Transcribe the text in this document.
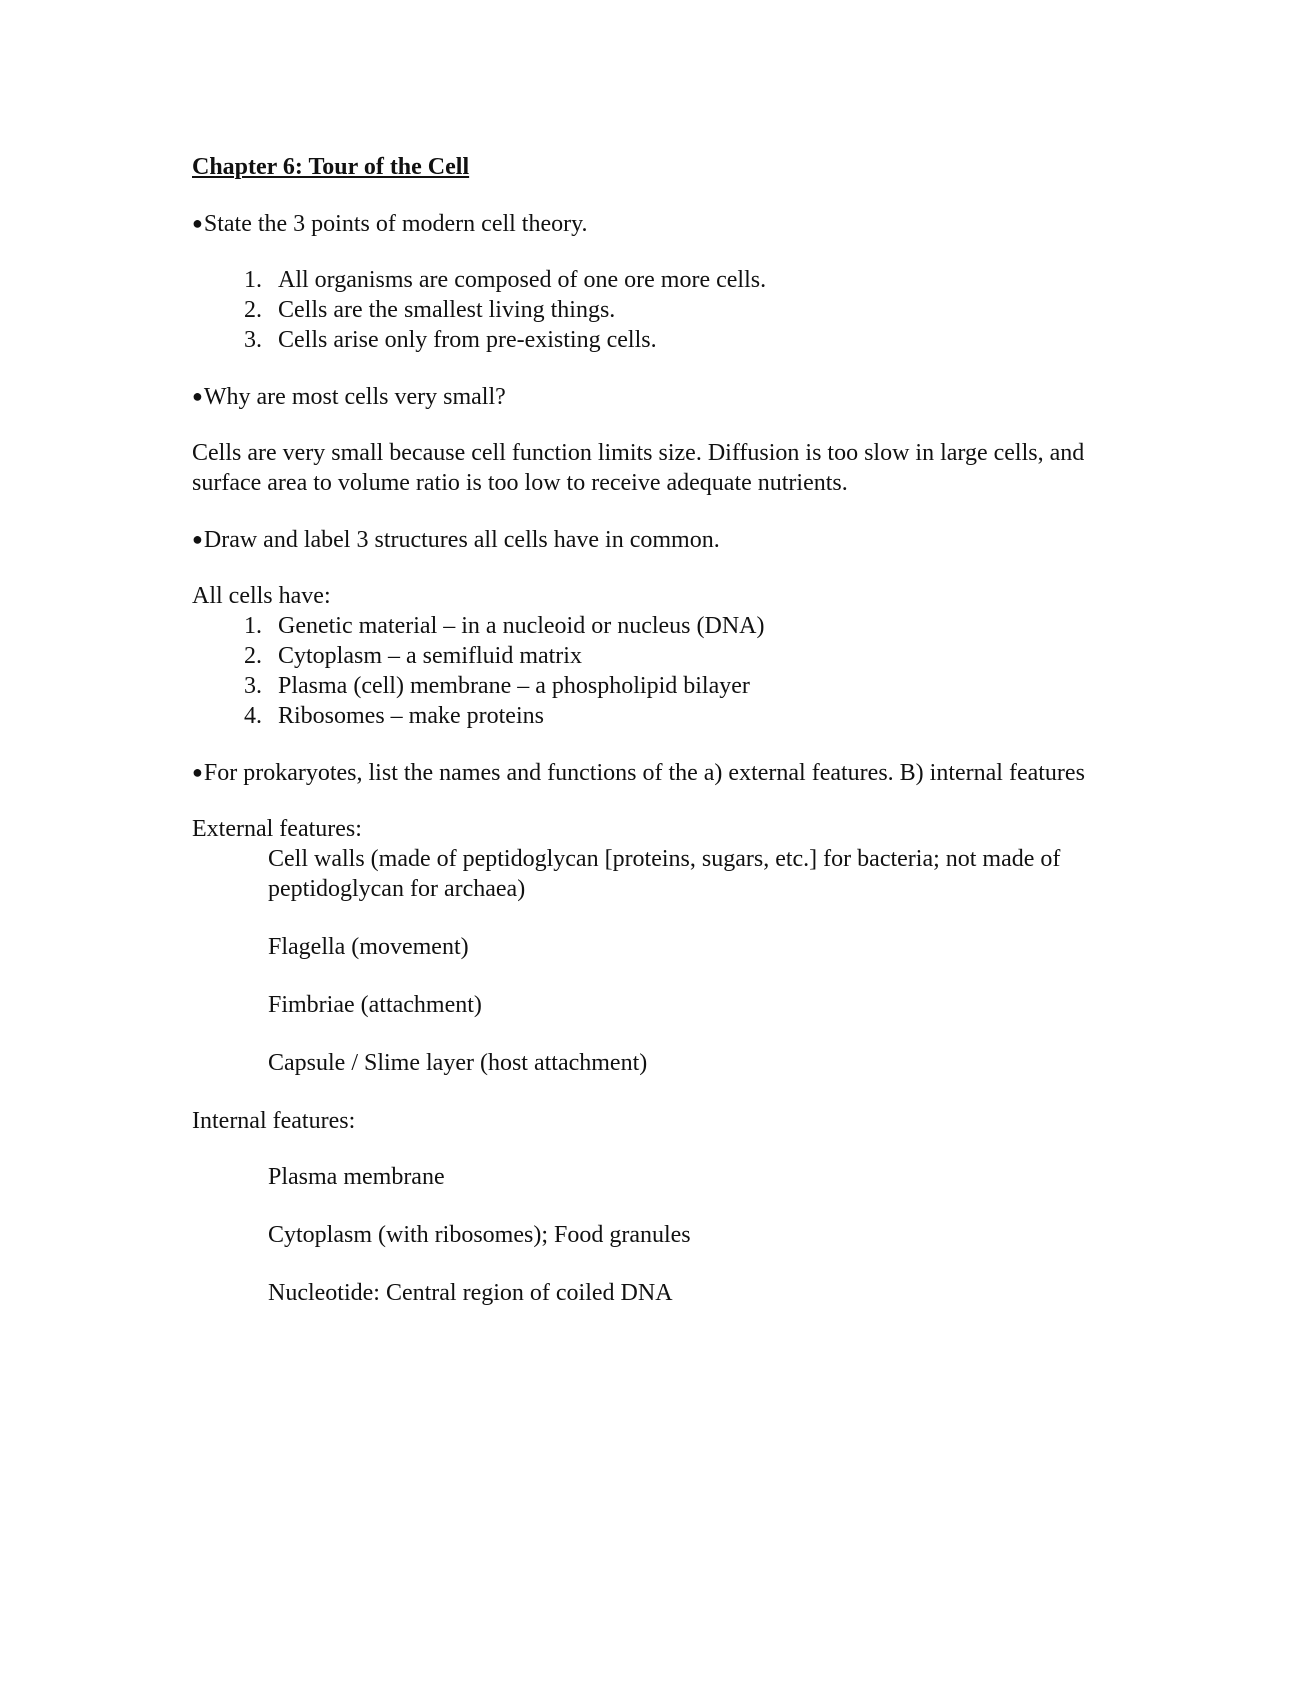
Chapter 6: Tour of the Cell
●State the 3 points of modern cell theory.
1. All organisms are composed of one ore more cells.
2. Cells are the smallest living things.
3. Cells arise only from pre-existing cells.
●Why are most cells very small?
Cells are very small because cell function limits size. Diffusion is too slow in large cells, and surface area to volume ratio is too low to receive adequate nutrients.
●Draw and label 3 structures all cells have in common.
All cells have:
1. Genetic material – in a nucleoid or nucleus (DNA)
2. Cytoplasm – a semifluid matrix
3. Plasma (cell) membrane – a phospholipid bilayer
4. Ribosomes – make proteins
●For prokaryotes, list the names and functions of the a) external features. B) internal features
External features:
Cell walls (made of peptidoglycan [proteins, sugars, etc.] for bacteria; not made of peptidoglycan for archaea)
Flagella (movement)
Fimbriae (attachment)
Capsule / Slime layer (host attachment)
Internal features:
Plasma membrane
Cytoplasm (with ribosomes); Food granules
Nucleotide: Central region of coiled DNA
